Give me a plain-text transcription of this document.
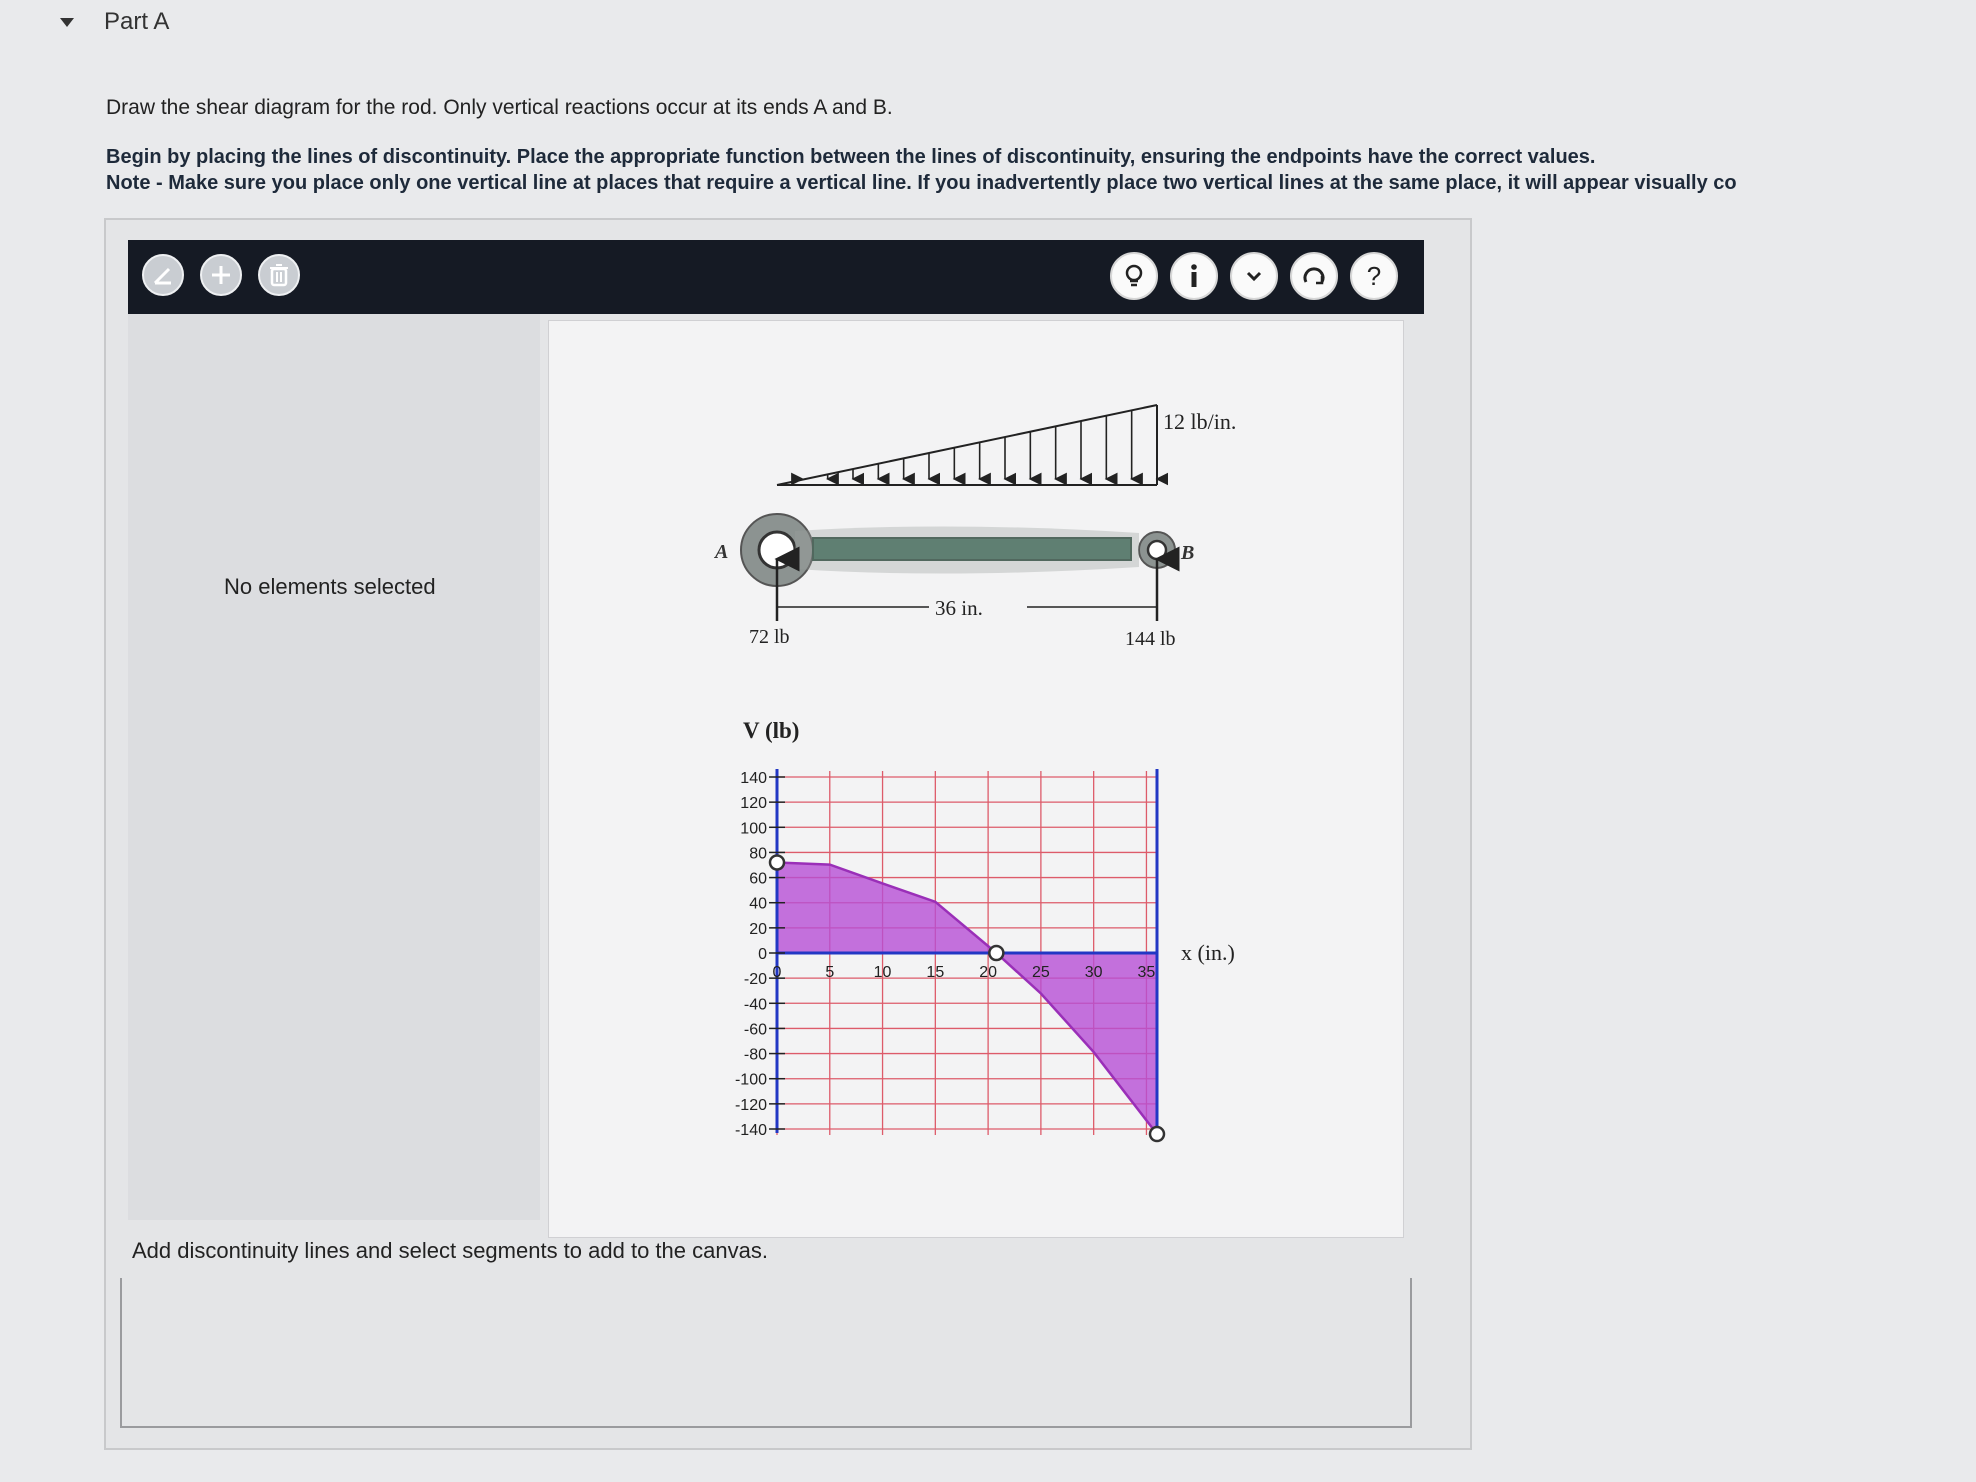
Part A
Draw the shear diagram for the rod. Only vertical reactions occur at its ends A and B.
Begin by placing the lines of discontinuity. Place the appropriate function between the lines of discontinuity, ensuring the endpoints have the correct values.
Note - Make sure you place only one vertical line at places that require a vertical line. If you inadvertently place two vertical lines at the same place, it will appear visually co
?
No elements selected
12 lb/in.
A	B
72 lb	144 lb
36 in.
V (lb)
x (in.)
140
120
100
80
60
40
20
0
-20
-40
-60
-80
-100
-120
-140
0	5 10 15 20 25 30 35
Add discontinuity lines and select segments to add to the canvas.
